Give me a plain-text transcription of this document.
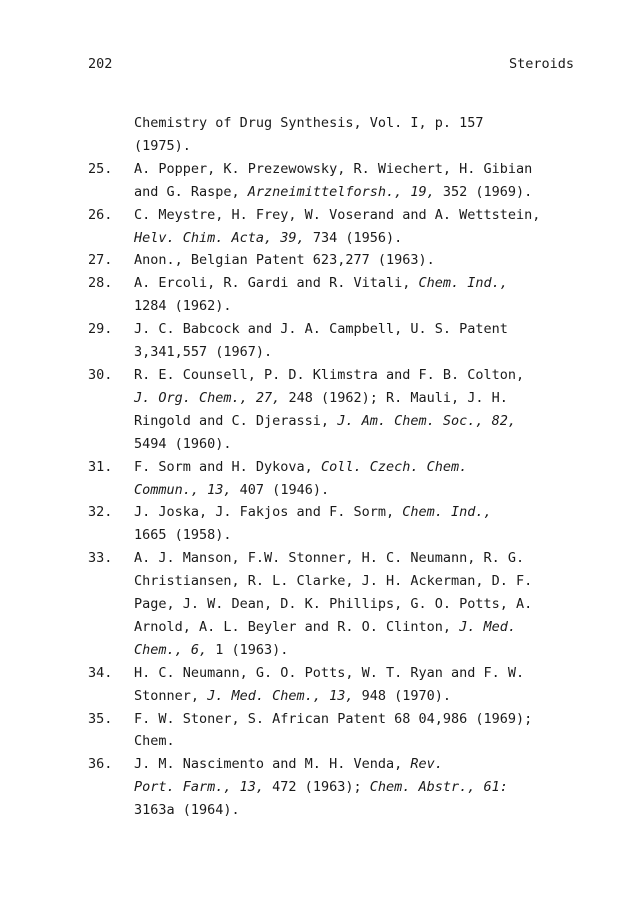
202	Steroids
Chemistry of Drug Synthesis, Vol. I, p. 157
(1975).
25. A. Popper, K. Prezewowsky, R. Wiechert, H. Gibian
and G. Raspe, Arzneimittelforsh., 19, 352 (1969).
26. C. Meystre, H. Frey, W. Voserand and A. Wettstein,
Helv. Chim. Acta, 39, 734 (1956).
27. Anon., Belgian Patent 623,277 (1963).
28. A. Ercoli, R. Gardi and R. Vitali, Chem. Ind.,
1284 (1962).
29. J. C. Babcock and J. A. Campbell, U. S. Patent
3,341,557 (1967).
30. R. E. Counsell, P. D. Klimstra and F. B. Colton,
J. Org. Chem., 27, 248 (1962); R. Mauli, J. H.
Ringold and C. Djerassi, J. Am. Chem. Soc., 82,
5494 (1960).
31. F. Sorm and H. Dykova, Coll. Czech. Chem.
Commun., 13, 407 (1946).
32. J. Joska, J. Fakjos and F. Sorm, Chem. Ind.,
1665 (1958).
33. A. J. Manson, F.W. Stonner, H. C. Neumann, R. G.
Christiansen, R. L. Clarke, J. H. Ackerman, D. F.
Page, J. W. Dean, D. K. Phillips, G. O. Potts, A.
Arnold, A. L. Beyler and R. O. Clinton, J. Med.
Chem., 6, 1 (1963).
34. H. C. Neumann, G. O. Potts, W. T. Ryan and F. W.
Stonner, J. Med. Chem., 13, 948 (1970).
35. F. W. Stoner, S. African Patent 68 04,986 (1969);
Chem.
36. J. M. Nascimento and M. H. Venda, Rev.
Port. Farm., 13, 472 (1963); Chem. Abstr., 61:
3163a (1964).
